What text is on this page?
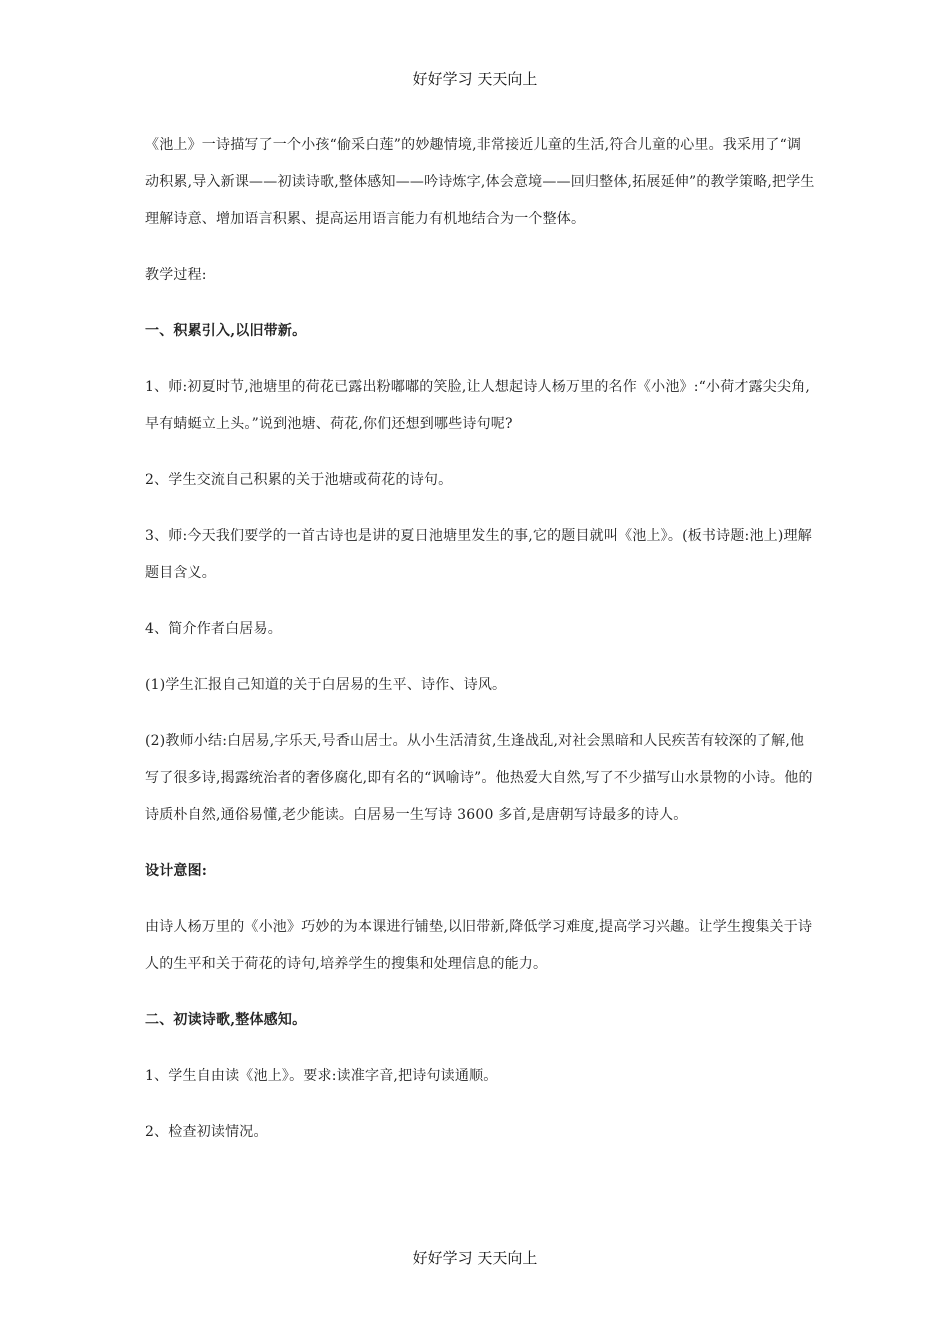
好好学习 天天向上

《池上》一诗描写了一个小孩“偷采白莲”的妙趣情境,非常接近儿童的生活,符合儿童的心里。我采用了“调动积累,导入新课——初读诗歌,整体感知——吟诗炼字,体会意境——回归整体,拓展延伸”的教学策略,把学生理解诗意、增加语言积累、提高运用语言能力有机地结合为一个整体。

教学过程:

一、积累引入,以旧带新。

1、师:初夏时节,池塘里的荷花已露出粉嘟嘟的笑脸,让人想起诗人杨万里的名作《小池》:“小荷才露尖尖角,早有蜻蜓立上头。”说到池塘、荷花,你们还想到哪些诗句呢?

2、学生交流自己积累的关于池塘或荷花的诗句。

3、师:今天我们要学的一首古诗也是讲的夏日池塘里发生的事,它的题目就叫《池上》。(板书诗题:池上)理解题目含义。

4、简介作者白居易。

(1)学生汇报自己知道的关于白居易的生平、诗作、诗风。

(2)教师小结:白居易,字乐天,号香山居士。从小生活清贫,生逢战乱,对社会黑暗和人民疾苦有较深的了解,他写了很多诗,揭露统治者的奢侈腐化,即有名的“讽喻诗”。他热爱大自然,写了不少描写山水景物的小诗。他的诗质朴自然,通俗易懂,老少能读。白居易一生写诗 3600 多首,是唐朝写诗最多的诗人。

设计意图:

由诗人杨万里的《小池》巧妙的为本课进行铺垫,以旧带新,降低学习难度,提高学习兴趣。让学生搜集关于诗人的生平和关于荷花的诗句,培养学生的搜集和处理信息的能力。

二、初读诗歌,整体感知。

1、学生自由读《池上》。要求:读准字音,把诗句读通顺。

2、检查初读情况。

好好学习 天天向上
